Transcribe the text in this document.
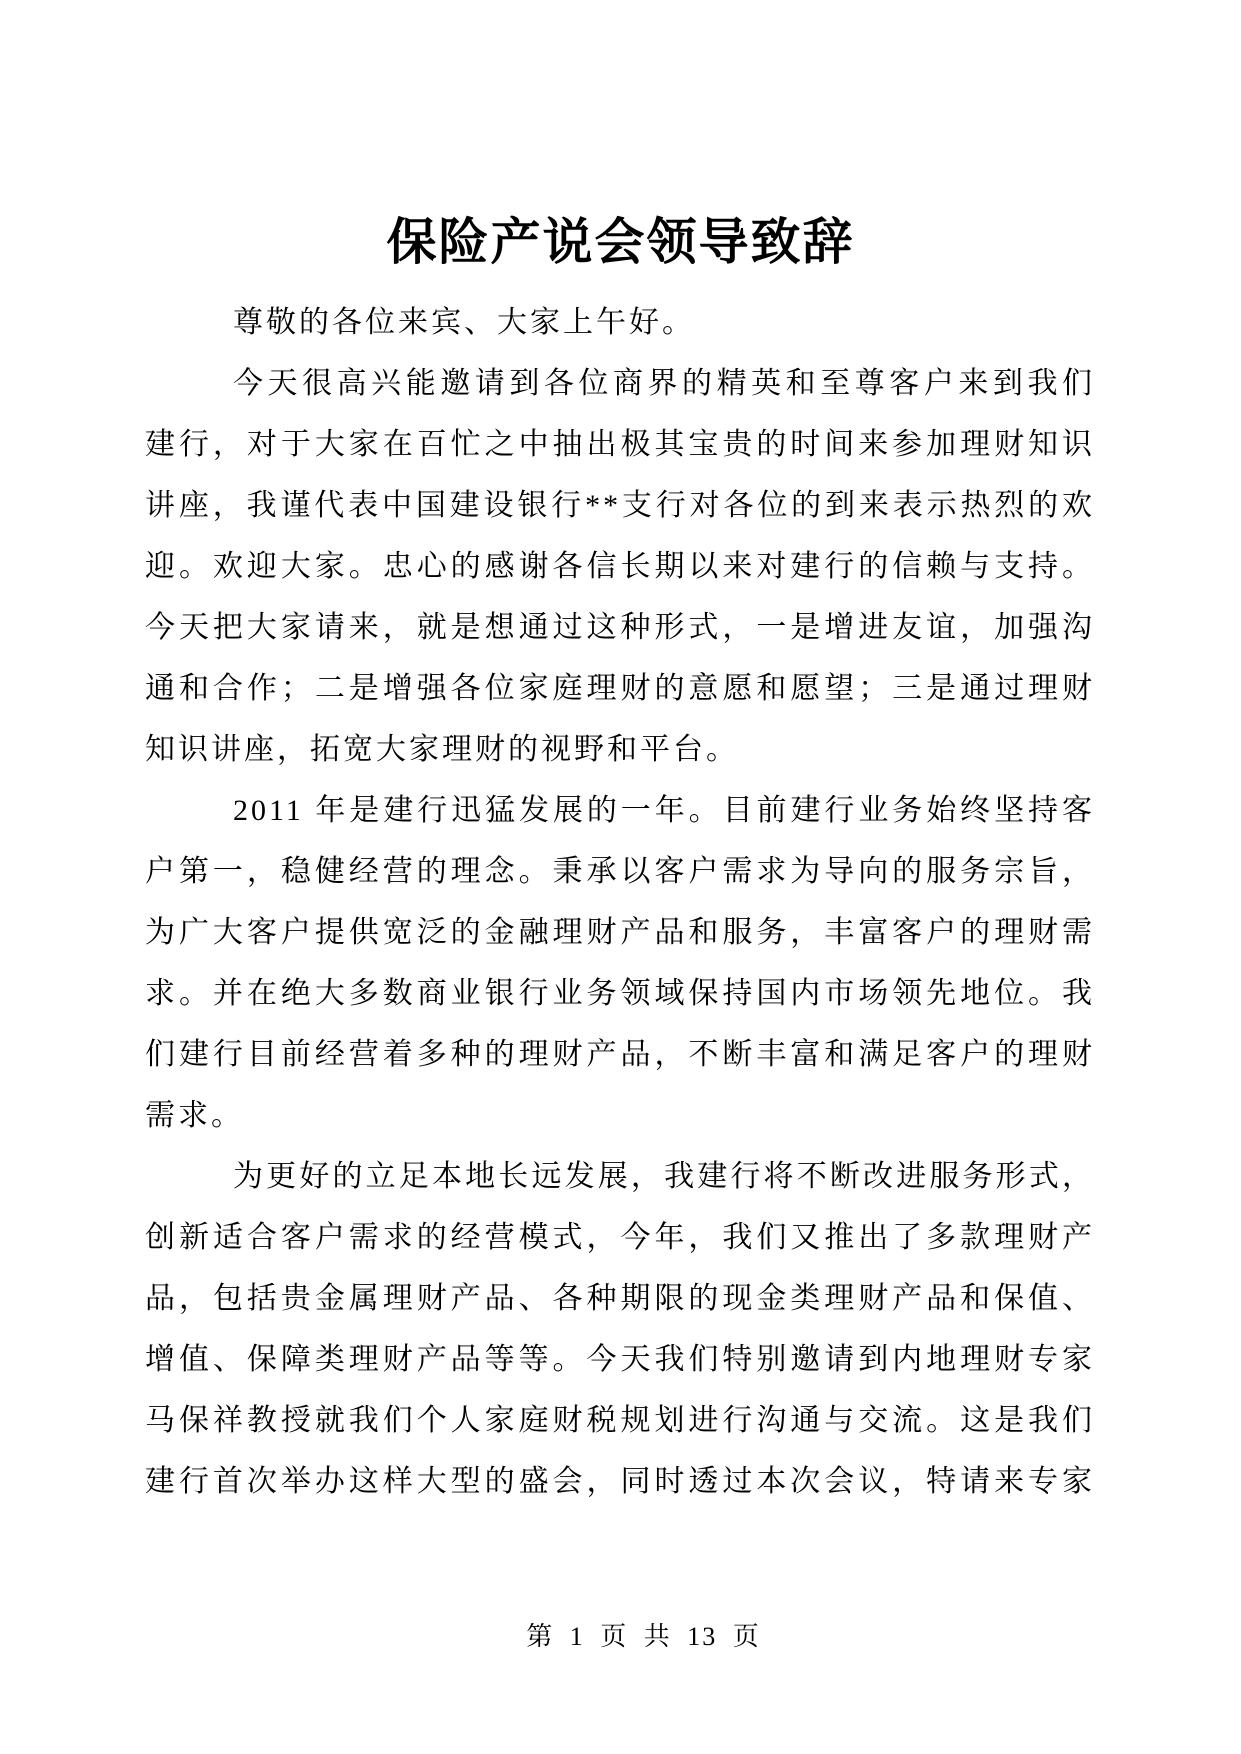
保险产说会领导致辞
尊敬的各位来宾、大家上午好。
今天很高兴能邀请到各位商界的精英和至尊客户来到我们
建行，对于大家在百忙之中抽出极其宝贵的时间来参加理财知识
讲座，我谨代表中国建设银行**支行对各位的到来表示热烈的欢
迎。欢迎大家。忠心的感谢各信长期以来对建行的信赖与支持。
今天把大家请来，就是想通过这种形式，一是增进友谊，加强沟
通和合作；二是增强各位家庭理财的意愿和愿望；三是通过理财
知识讲座，拓宽大家理财的视野和平台。
2011 年是建行迅猛发展的一年。目前建行业务始终坚持客
户第一，稳健经营的理念。秉承以客户需求为导向的服务宗旨，
为广大客户提供宽泛的金融理财产品和服务，丰富客户的理财需
求。并在绝大多数商业银行业务领域保持国内市场领先地位。我
们建行目前经营着多种的理财产品，不断丰富和满足客户的理财
需求。
为更好的立足本地长远发展，我建行将不断改进服务形式，
创新适合客户需求的经营模式，今年，我们又推出了多款理财产
品，包括贵金属理财产品、各种期限的现金类理财产品和保值、
增值、保障类理财产品等等。今天我们特别邀请到内地理财专家
马保祥教授就我们个人家庭财税规划进行沟通与交流。这是我们
建行首次举办这样大型的盛会，同时透过本次会议，特请来专家
第 1 页 共 13 页
